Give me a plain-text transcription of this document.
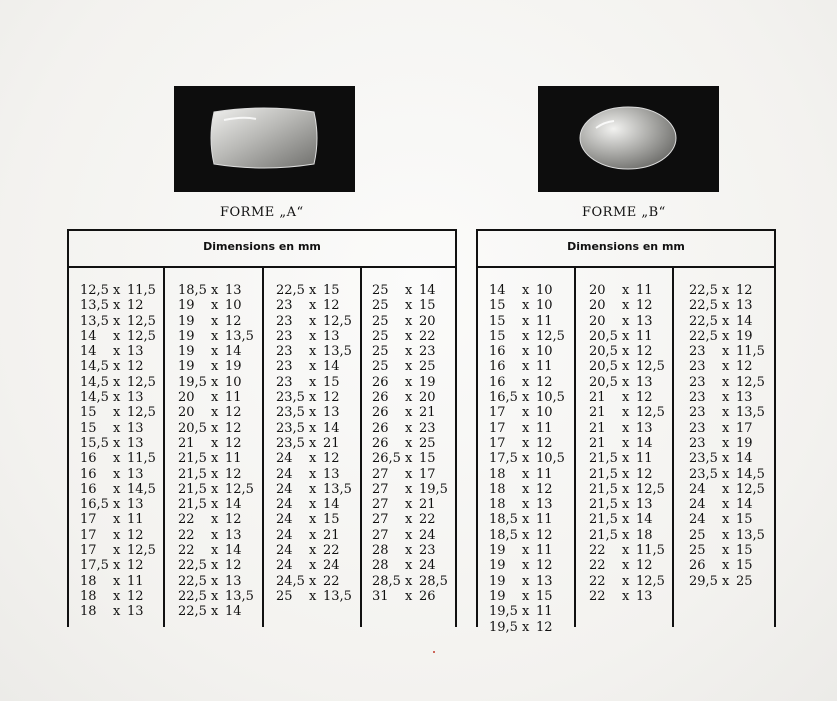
FORME „A“	FORME „B“
Dimensions en mm
12,5 x 11,5
13,5 x 12
13,5 x 12,5
14 x 12,5
14 x 13
14,5 x 12
14,5 x 12,5
14,5 x 13
15 x 12,5
15 x 13
15,5 x 13
16 x 11,5
16 x 13
16 x 14,5
16,5 x 13
17 x 11
17 x 12
17 x 12,5
17,5 x 12
18 x 11
18 x 12
18 x 13
18,5 x 13
19 x 10
19 x 12
19 x 13,5
19 x 14
19 x 19
19,5 x 10
20 x 11
20 x 12
20,5 x 12
21 x 12
21,5 x 11
21,5 x 12
21,5 x 12,5
21,5 x 14
22 x 12
22 x 13
22 x 14
22,5 x 12
22,5 x 13
22,5 x 13,5
22,5 x 14
22,5 x 15
23 x 12
23 x 12,5
23 x 13
23 x 13,5
23 x 14
23 x 15
23,5 x 12
23,5 x 13
23,5 x 14
23,5 x 21
24 x 12
24 x 13
24 x 13,5
24 x 14
24 x 15
24 x 21
24 x 22
24 x 24
24,5 x 22
25 x 13,5
25 x 14
25 x 15
25 x 20
25 x 22
25 x 23
25 x 25
26 x 19
26 x 20
26 x 21
26 x 23
26 x 25
26,5 x 15
27 x 17
27 x 19,5
27 x 21
27 x 22
27 x 24
28 x 23
28 x 24
28,5 x 28,5
31 x 26
Dimensions en mm
14 x 10
15 x 10
15 x 11
15 x 12,5
16 x 10
16 x 11
16 x 12
16,5 x 10,5
17 x 10
17 x 11
17 x 12
17,5 x 10,5
18 x 11
18 x 12
18 x 13
18,5 x 11
18,5 x 12
19 x 11
19 x 12
19 x 13
19 x 15
19,5 x 11
19,5 x 12
20 x 11
20 x 12
20 x 13
20,5 x 11
20,5 x 12
20,5 x 12,5
20,5 x 13
21 x 12
21 x 12,5
21 x 13
21 x 14
21,5 x 11
21,5 x 12
21,5 x 12,5
21,5 x 13
21,5 x 14
21,5 x 18
22 x 11,5
22 x 12
22 x 12,5
22 x 13
22,5 x 12
22,5 x 13
22,5 x 14
22,5 x 19
23 x 11,5
23 x 12
23 x 12,5
23 x 13
23 x 13,5
23 x 17
23 x 19
23,5 x 14
23,5 x 14,5
24 x 12,5
24 x 14
24 x 15
25 x 13,5
25 x 15
26 x 15
29,5 x 25
